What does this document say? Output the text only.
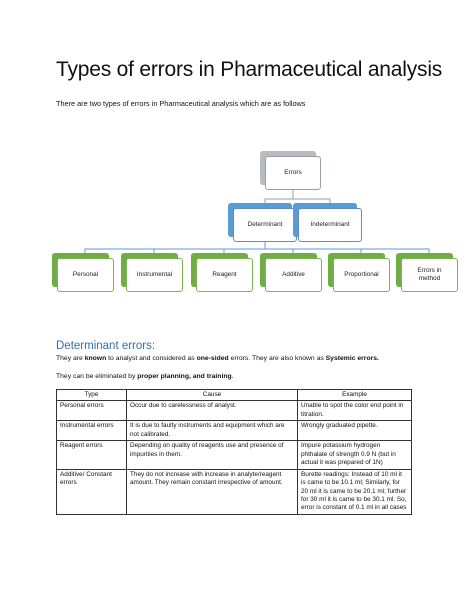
Types of errors in Pharmaceutical analysis

There are two types of errors in Pharmaceutical analysis which are as follows

Errors
Determinant	Indeterminant
Personal	Instrumental	Reagent	Additive	Proportional
Errors in method
Determinant errors:

They are known to analyst and considered as one-sided errors. They are also known as Systemic errors.

They can be eliminated by proper planning, and training.

Type	Cause	Example
Personal errors	Occur due to carelessness of analyst.	Unable to spot the color end point in titration.
Instrumental errors	It is due to faulty instruments and equipment which are not calibrated.	Wrongly graduated pipette.
Reagent errors	Depending on quality of reagents use and presence of impurities in them.	Impure potassium hydrogen phthalate of strength 0.9 N (but in actual it was prepared of 1N)
Additive/ Constant errors	They do not increase with increase in analyte/reagent amount. They remain constant irrespective of amount.	Burette readings: Instead of 10 ml it is came to be 10.1 ml; Similarly, for 20 ml it is came to be 20.1 ml; further for 30 ml it is came to be 30.1 ml. So, error is constant of 0.1 ml in all cases
